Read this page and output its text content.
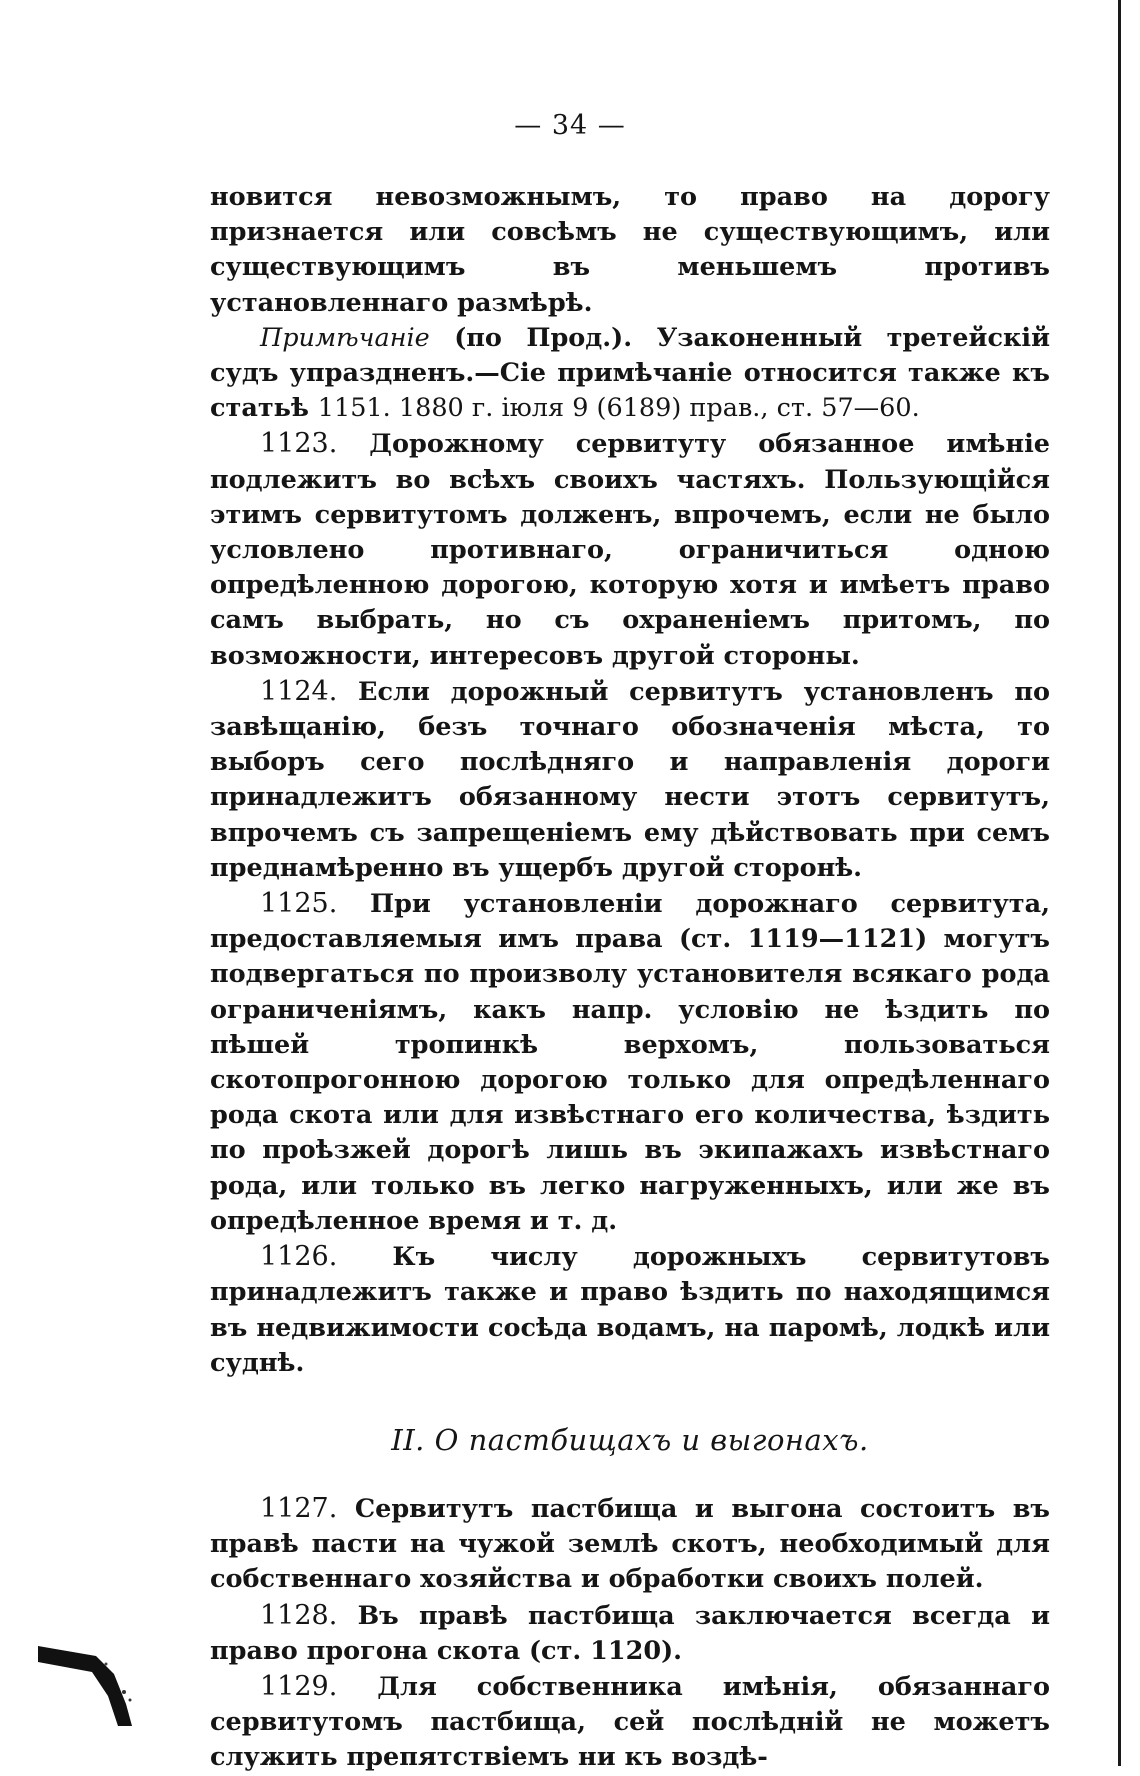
— 34 —

новится невозможнымъ, то право на дорогу признается или совсѣмъ не существующимъ, или существующимъ въ меньшемъ противъ установленнаго размѣрѣ.

Примѣчаніе (по Прод.). Узаконенный третейскій судъ упраздненъ.—Сіе примѣчаніе относится также къ статьѣ 1151. 1880 г. іюля 9 (6189) прав., ст. 57—60.

1123. Дорожному сервитуту обязанное имѣніе подлежитъ во всѣхъ своихъ частяхъ. Пользующійся этимъ сервитутомъ долженъ, впрочемъ, если не было условлено противнаго, ограничиться одною опредѣленною дорогою, которую хотя и имѣетъ право самъ выбрать, но съ охраненіемъ притомъ, по возможности, интересовъ другой стороны.

1124. Если дорожный сервитутъ установленъ по завѣщанію, безъ точнаго обозначенія мѣста, то выборъ сего послѣдняго и направленія дороги принадлежитъ обязанному нести этотъ сервитутъ, впрочемъ съ запрещеніемъ ему дѣйствовать при семъ преднамѣренно въ ущербъ другой сторонѣ.

1125. При установленіи дорожнаго сервитута, предоставляемыя имъ права (ст. 1119—1121) могутъ подвергаться по произволу установителя всякаго рода ограниченіямъ, какъ напр. условію не ѣздить по пѣшей тропинкѣ верхомъ, пользоваться скотопрогонною дорогою только для опредѣленнаго рода скота или для извѣстнаго его количества, ѣздить по проѣзжей дорогѣ лишь въ экипажахъ извѣстнаго рода, или только въ легко нагруженныхъ, или же въ опредѣленное время и т. д.

1126. Къ числу дорожныхъ сервитутовъ принадлежитъ также и право ѣздить по находящимся въ недвижимости сосѣда водамъ, на паромѣ, лодкѣ или суднѣ.

II. О пастбищахъ и выгонахъ.

1127. Сервитутъ пастбища и выгона состоитъ въ правѣ пасти на чужой землѣ скотъ, необходимый для собственнаго хозяйства и обработки своихъ полей.

1128. Въ правѣ пастбища заключается всегда и право прогона скота (ст. 1120).

1129. Для собственника имѣнія, обязаннаго сервитутомъ пастбища, сей послѣдній не можетъ служить препятствіемъ ни къ воздѣ-
